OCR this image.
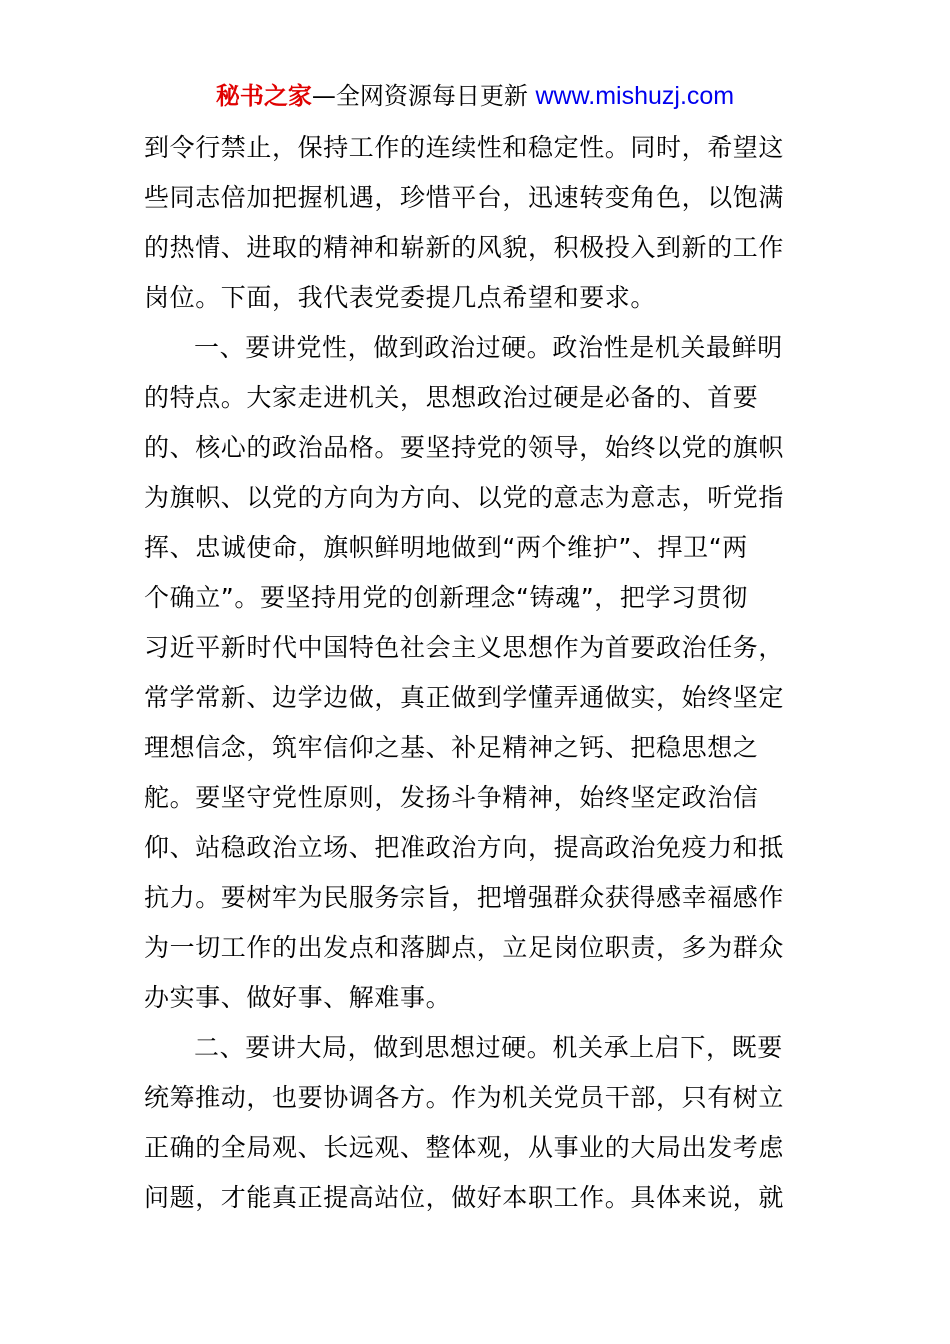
秘书之家—全网资源每日更新 www.mishuzj.com
到令行禁止，保持工作的连续性和稳定性。同时，希望这
些同志倍加把握机遇，珍惜平台，迅速转变角色，以饱满
的热情、进取的精神和崭新的风貌，积极投入到新的工作
岗位。下面，我代表党委提几点希望和要求。
一、要讲党性，做到政治过硬。政治性是机关最鲜明
的特点。大家走进机关，思想政治过硬是必备的、首要
的、核心的政治品格。要坚持党的领导，始终以党的旗帜
为旗帜、以党的方向为方向、以党的意志为意志，听党指
挥、忠诚使命，旗帜鲜明地做到“两个维护”、捍卫“两
个确立”。要坚持用党的创新理念“铸魂”，把学习贯彻
习近平新时代中国特色社会主义思想作为首要政治任务，
常学常新、边学边做，真正做到学懂弄通做实，始终坚定
理想信念，筑牢信仰之基、补足精神之钙、把稳思想之
舵。要坚守党性原则，发扬斗争精神，始终坚定政治信
仰、站稳政治立场、把准政治方向，提高政治免疫力和抵
抗力。要树牢为民服务宗旨，把增强群众获得感幸福感作
为一切工作的出发点和落脚点，立足岗位职责，多为群众
办实事、做好事、解难事。
二、要讲大局，做到思想过硬。机关承上启下，既要
统筹推动，也要协调各方。作为机关党员干部，只有树立
正确的全局观、长远观、整体观，从事业的大局出发考虑
问题，才能真正提高站位，做好本职工作。具体来说，就
